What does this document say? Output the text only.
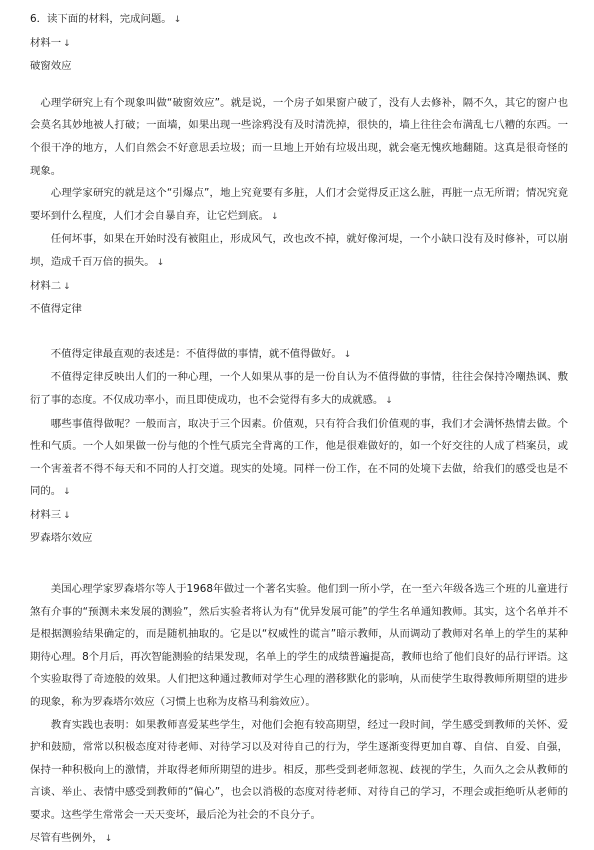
6．读下面的材料，完成问题。 ↓

材料一 ↓

破窗效应

心理学研究上有个现象叫做“破窗效应”。就是说，一个房子如果窗户破了，没有人去修补，隔不久，其它的窗户也会莫名其妙地被人打破；一面墙，如果出现一些涂鸦没有及时清洗掉，很快的，墙上往往会布满乱七八糟的东西。一个很干净的地方，人们自然会不好意思丢垃圾；而一旦地上开始有垃圾出现，就会毫无愧疚地翻随。这真是很奇怪的现象。

心理学家研究的就是这个“引爆点”，地上究竟要有多脏，人们才会觉得反正这么脏，再脏一点无所谓；情况究竟要坏到什么程度，人们才会自暴自弃，让它烂到底。 ↓

任何坏事，如果在开始时没有被阻止，形成风气，改也改不掉，就好像河堤，一个小缺口没有及时修补，可以崩坝，造成千百万倍的损失。 ↓

材料二 ↓

不值得定律

不值得定律最直观的表述是：不值得做的事情，就不值得做好。 ↓

不值得定律反映出人们的一种心理，一个人如果从事的是一份自认为不值得做的事情，往往会保持冷嘲热讽、敷衍了事的态度。不仅成功率小，而且即使成功，也不会觉得有多大的成就感。 ↓

哪些事值得做呢？一般而言，取决于三个因素。价值观，只有符合我们价值观的事，我们才会满怀热情去做。个性和气质。一个人如果做一份与他的个性气质完全背离的工作，他是很难做好的，如一个好交往的人成了档案员，或一个害羞者不得不每天和不同的人打交道。现实的处境。同样一份工作，在不同的处境下去做，给我们的感受也是不同的。 ↓

材料三 ↓

罗森塔尔效应

美国心理学家罗森塔尔等人于1968年做过一个著名实验。他们到一所小学，在一至六年级各选三个班的儿童进行煞有介事的“预测未来发展的测验”，然后实验者将认为有“优异发展可能”的学生名单通知教师。其实，这个名单并不是根据测验结果确定的，而是随机抽取的。它是以“权威性的谎言”暗示教师，从而调动了教师对名单上的学生的某种期待心理。8个月后，再次智能测验的结果发现，名单上的学生的成绩普遍提高，教师也给了他们良好的品行评语。这个实验取得了奇迹般的效果。人们把这种通过教师对学生心理的潜移默化的影响，从而使学生取得教师所期望的进步的现象，称为罗森塔尔效应（习惯上也称为皮格马利翁效应）。

教育实践也表明：如果教师喜爱某些学生，对他们会抱有较高期望，经过一段时间，学生感受到教师的关怀、爱护和鼓励，常常以积极态度对待老师、对待学习以及对待自己的行为，学生逐渐变得更加自尊、自信、自爱、自强，保持一种积极向上的激情，并取得老师所期望的进步。相反，那些受到老师忽视、歧视的学生，久而久之会从教师的言谈、举止、表情中感受到教师的“偏心”，也会以消极的态度对待老师、对待自己的学习，不理会或拒绝听从老师的要求。这些学生常常会一天天变坏，最后沦为社会的不良分子。

尽管有些例外， ↓
